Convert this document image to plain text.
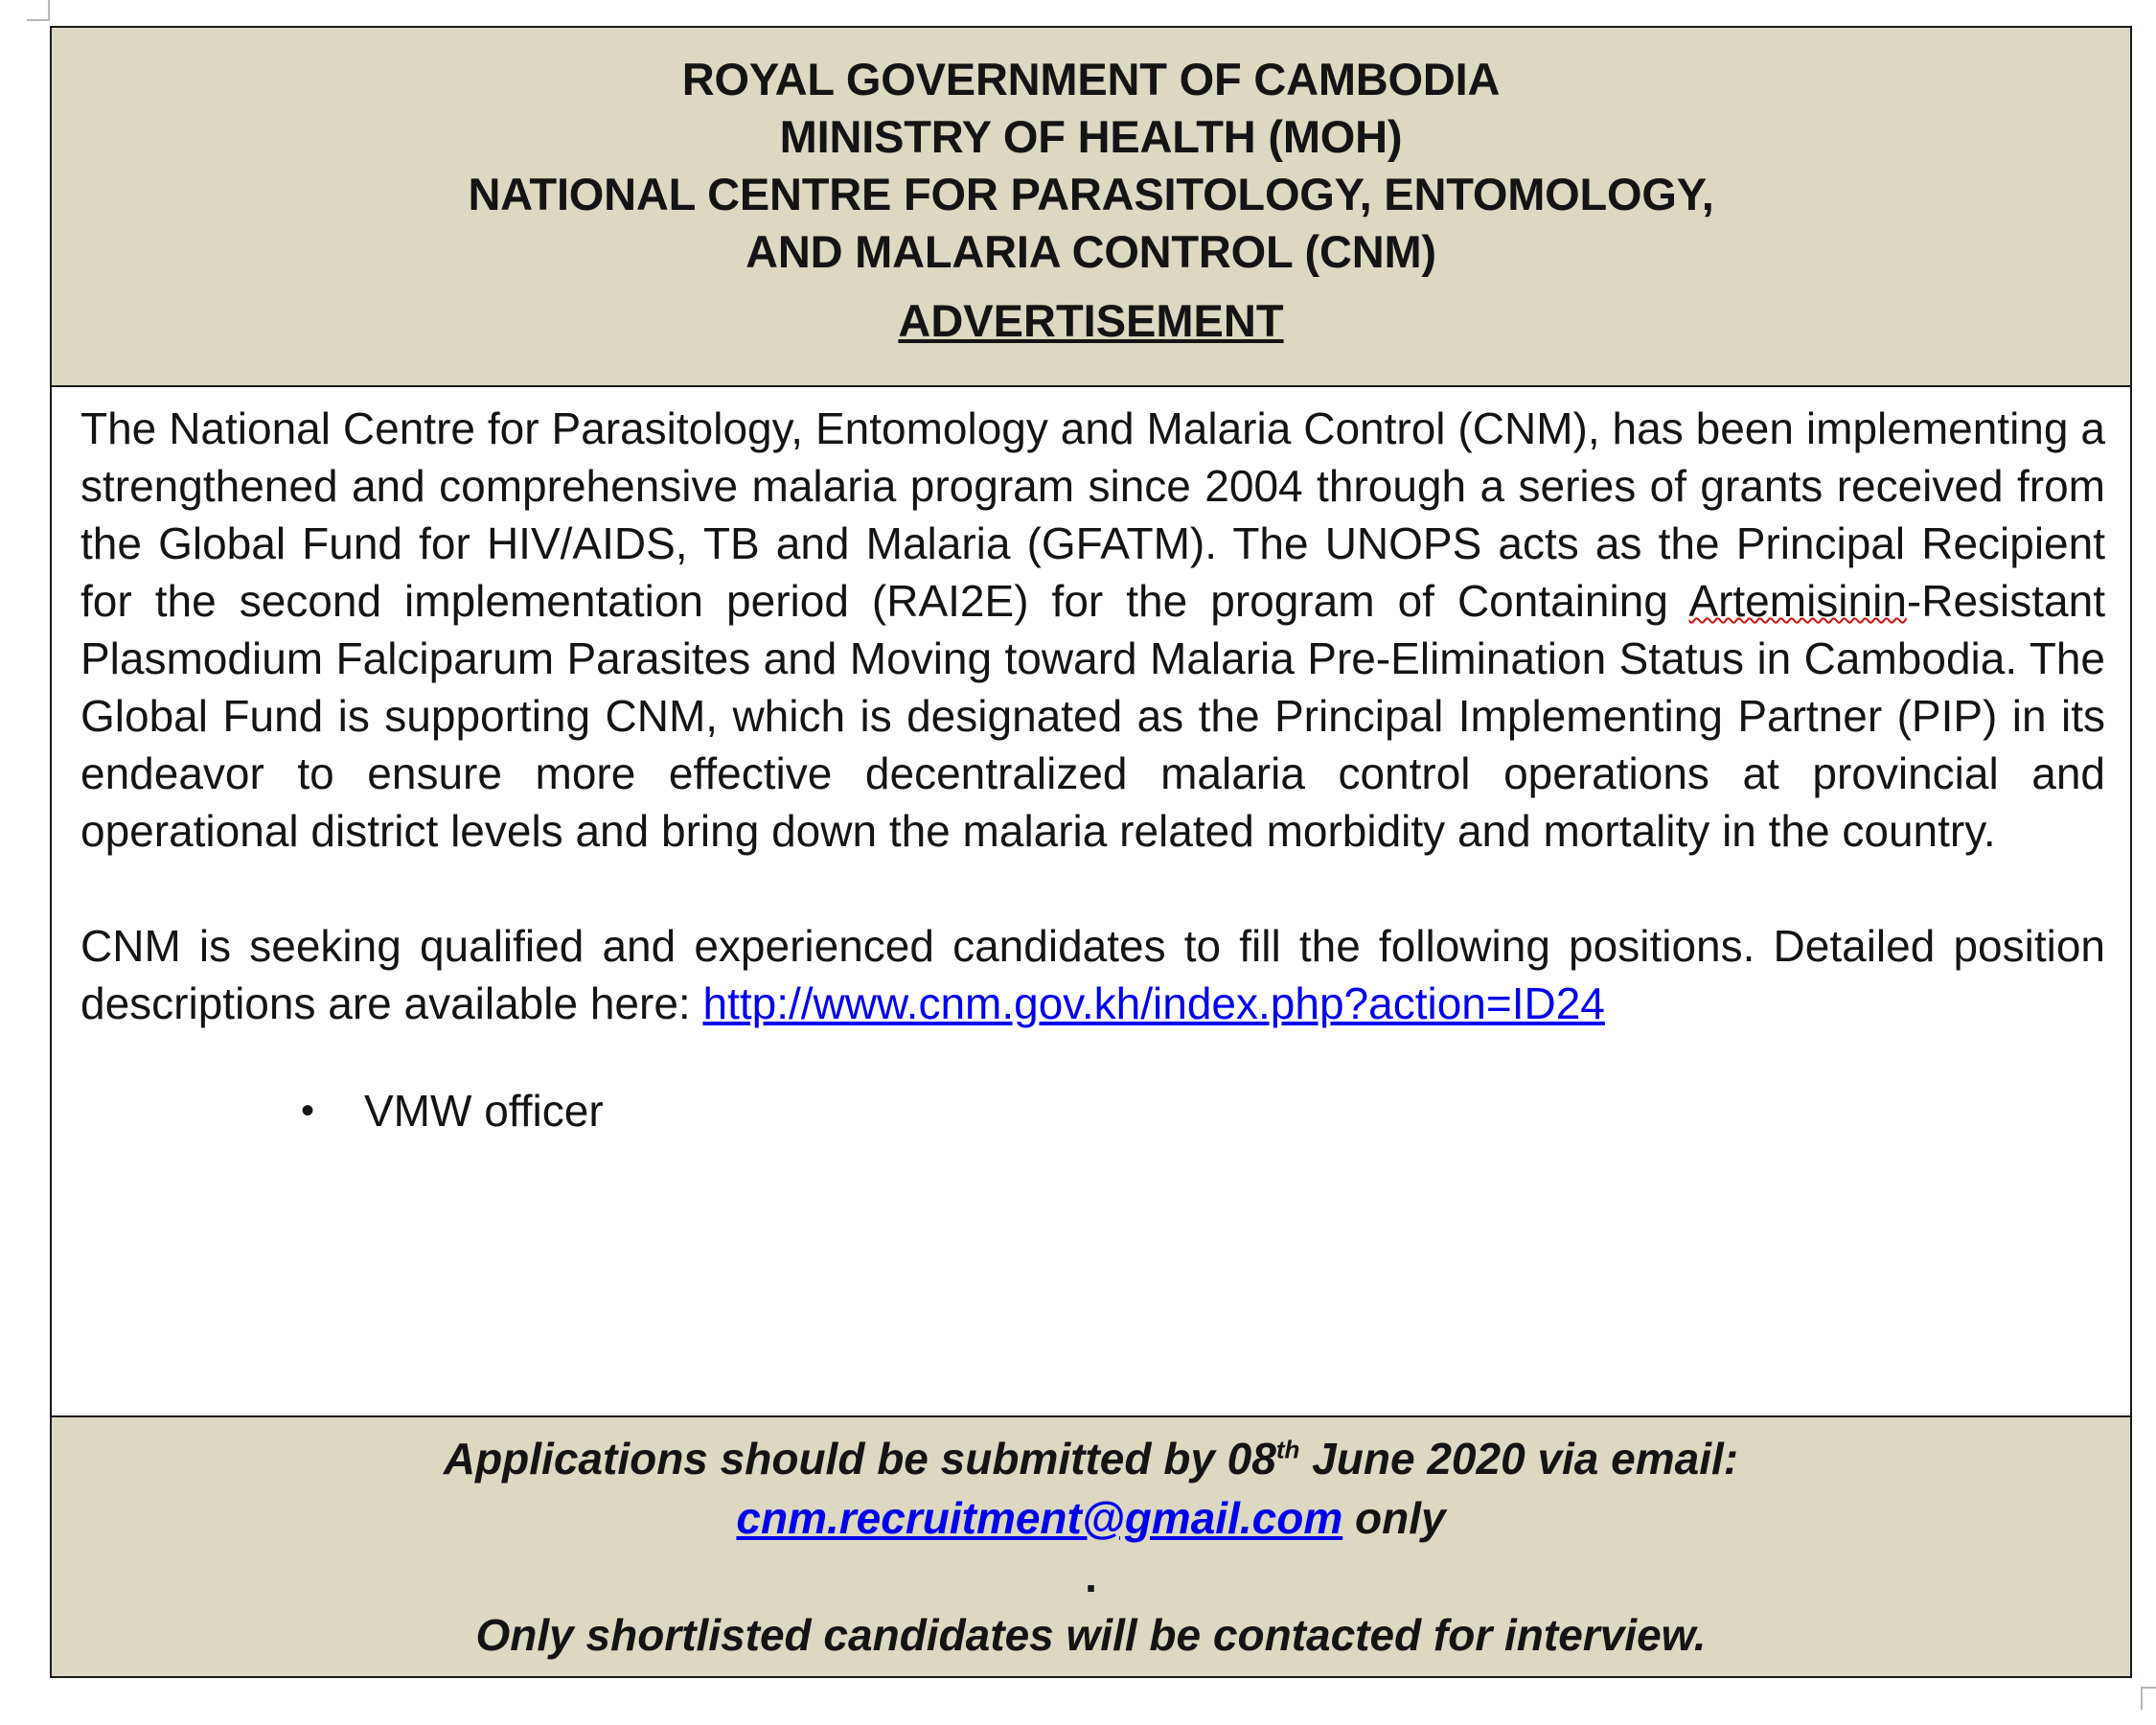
ROYAL GOVERNMENT OF CAMBODIA
MINISTRY OF HEALTH (MOH)
NATIONAL CENTRE FOR PARASITOLOGY, ENTOMOLOGY,
AND MALARIA CONTROL (CNM)
ADVERTISEMENT

The National Centre for Parasitology, Entomology and Malaria Control (CNM), has been implementing a strengthened and comprehensive malaria program since 2004 through a series of grants received from the Global Fund for HIV/AIDS, TB and Malaria (GFATM). The UNOPS acts as the Principal Recipient for the second implementation period (RAI2E) for the program of Containing Artemisinin-Resistant Plasmodium Falciparum Parasites and Moving toward Malaria Pre-Elimination Status in Cambodia. The Global Fund is supporting CNM, which is designated as the Principal Implementing Partner (PIP) in its endeavor to ensure more effective decentralized malaria control operations at provincial and operational district levels and bring down the malaria related morbidity and mortality in the country.

CNM is seeking qualified and experienced candidates to fill the following positions. Detailed position descriptions are available here: http://www.cnm.gov.kh/index.php?action=ID24

• VMW officer
Applications should be submitted by 08th June 2020 via email:
cnm.recruitment@gmail.com only
.
Only shortlisted candidates will be contacted for interview.
